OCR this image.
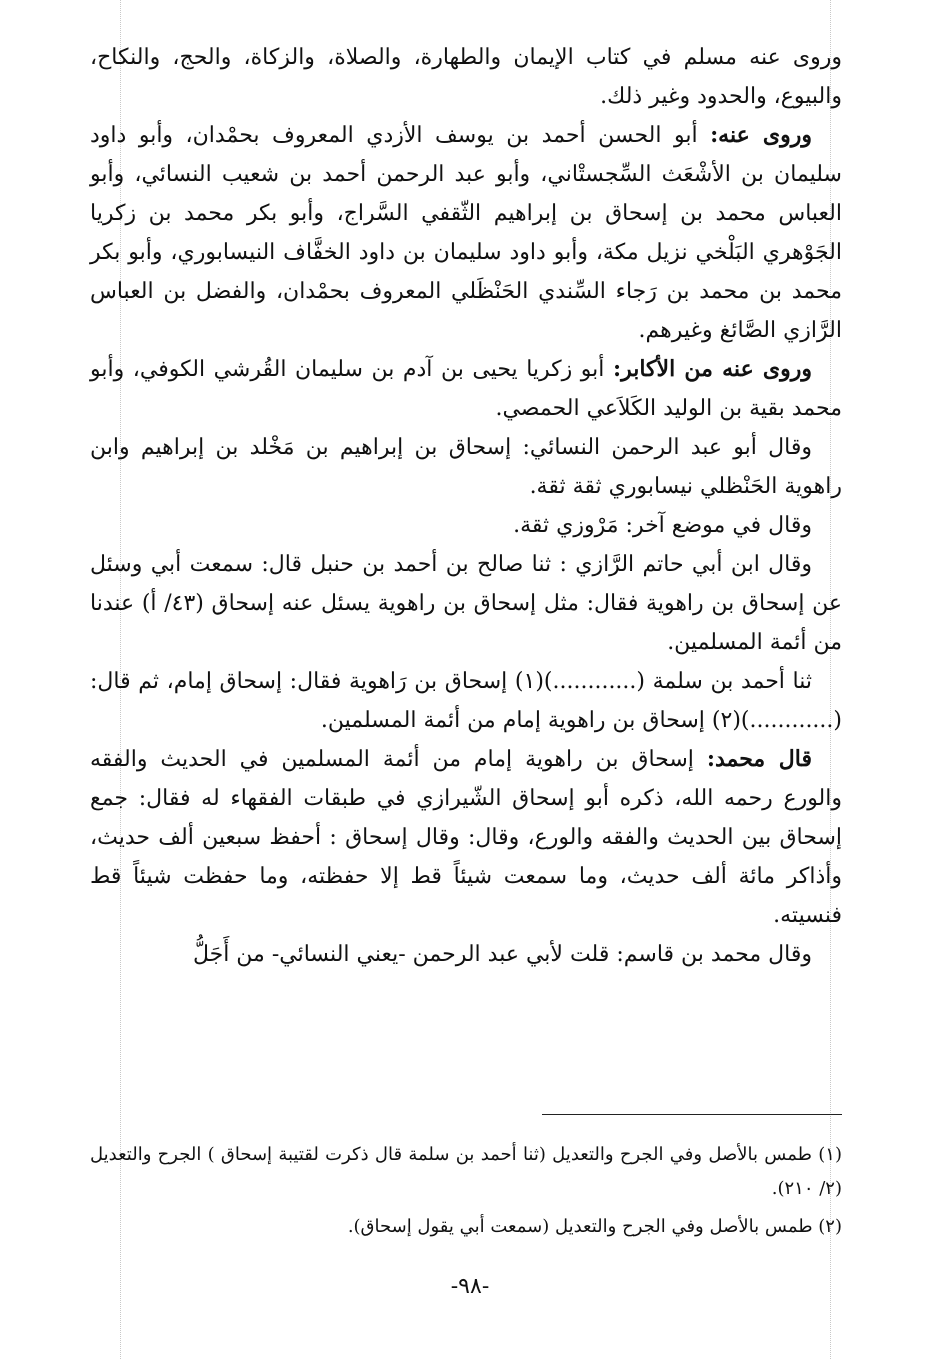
وروى عنه مسلم في كتاب الإيمان والطهارة، والصلاة، والزكاة، والحج، والنكاح، والبيوع، والحدود وغير ذلك.

وروى عنه: أبو الحسن أحمد بن يوسف الأزدي المعروف بحمْدان، وأبو داود سليمان بن الأشْعَث السِّجستْاني، وأبو عبد الرحمن أحمد بن شعيب النسائي، وأبو العباس محمد بن إسحاق بن إبراهيم الثّقفي السَّراج، وأبو بكر محمد بن زكريا الجَوْهري البَلْخي نزيل مكة، وأبو داود سليمان بن داود الخفَّاف النيسابوري، وأبو بكر محمد بن محمد بن رَجاء السِّندي الحَنْظَلي المعروف بحمْدان، والفضل بن العباس الرَّازي الصَّائغ وغيرهم.

وروى عنه من الأكابر: أبو زكريا يحيى بن آدم بن سليمان القُرشي الكوفي، وأبو محمد بقية بن الوليد الكَلاَعي الحمصي.

وقال أبو عبد الرحمن النسائي: إسحاق بن إبراهيم بن مَخْلد بن إبراهيم وابن راهوية الحَنْظلي نيسابوري ثقة ثقة.

وقال في موضع آخر: مَرْوزي ثقة.

وقال ابن أبي حاتم الرَّازي : ثنا صالح بن أحمد بن حنبل قال: سمعت أبي وسئل عن إسحاق بن راهوية فقال: مثل إسحاق بن راهوية يسئل عنه إسحاق (٤٣/ أ) عندنا من أئمة المسلمين.

ثنا أحمد بن سلمة (............)(١) إسحاق بن رَاهوية فقال: إسحاق إمام، ثم قال: (............)(٢) إسحاق بن راهوية إمام من أئمة المسلمين.

قال محمد: إسحاق بن راهوية إمام من أئمة المسلمين في الحديث والفقه والورع رحمه الله، ذكره أبو إسحاق الشّيرازي في طبقات الفقهاء له فقال: جمع إسحاق بين الحديث والفقه والورع، وقال: وقال إسحاق : أحفظ سبعين ألف حديث، وأذاكر مائة ألف حديث، وما سمعت شيئاً قط إلا حفظته، وما حفظت شيئاً قط فنسيته.

وقال محمد بن قاسم: قلت لأبي عبد الرحمن -يعني النسائي- من أَجَلُّ

(١) طمس بالأصل وفي الجرح والتعديل (ثنا أحمد بن سلمة قال ذكرت لقتيبة إسحاق ) الجرح والتعديل (٢/ ٢١٠).

(٢) طمس بالأصل وفي الجرح والتعديل (سمعت أبي يقول إسحاق).

-٩٨-
